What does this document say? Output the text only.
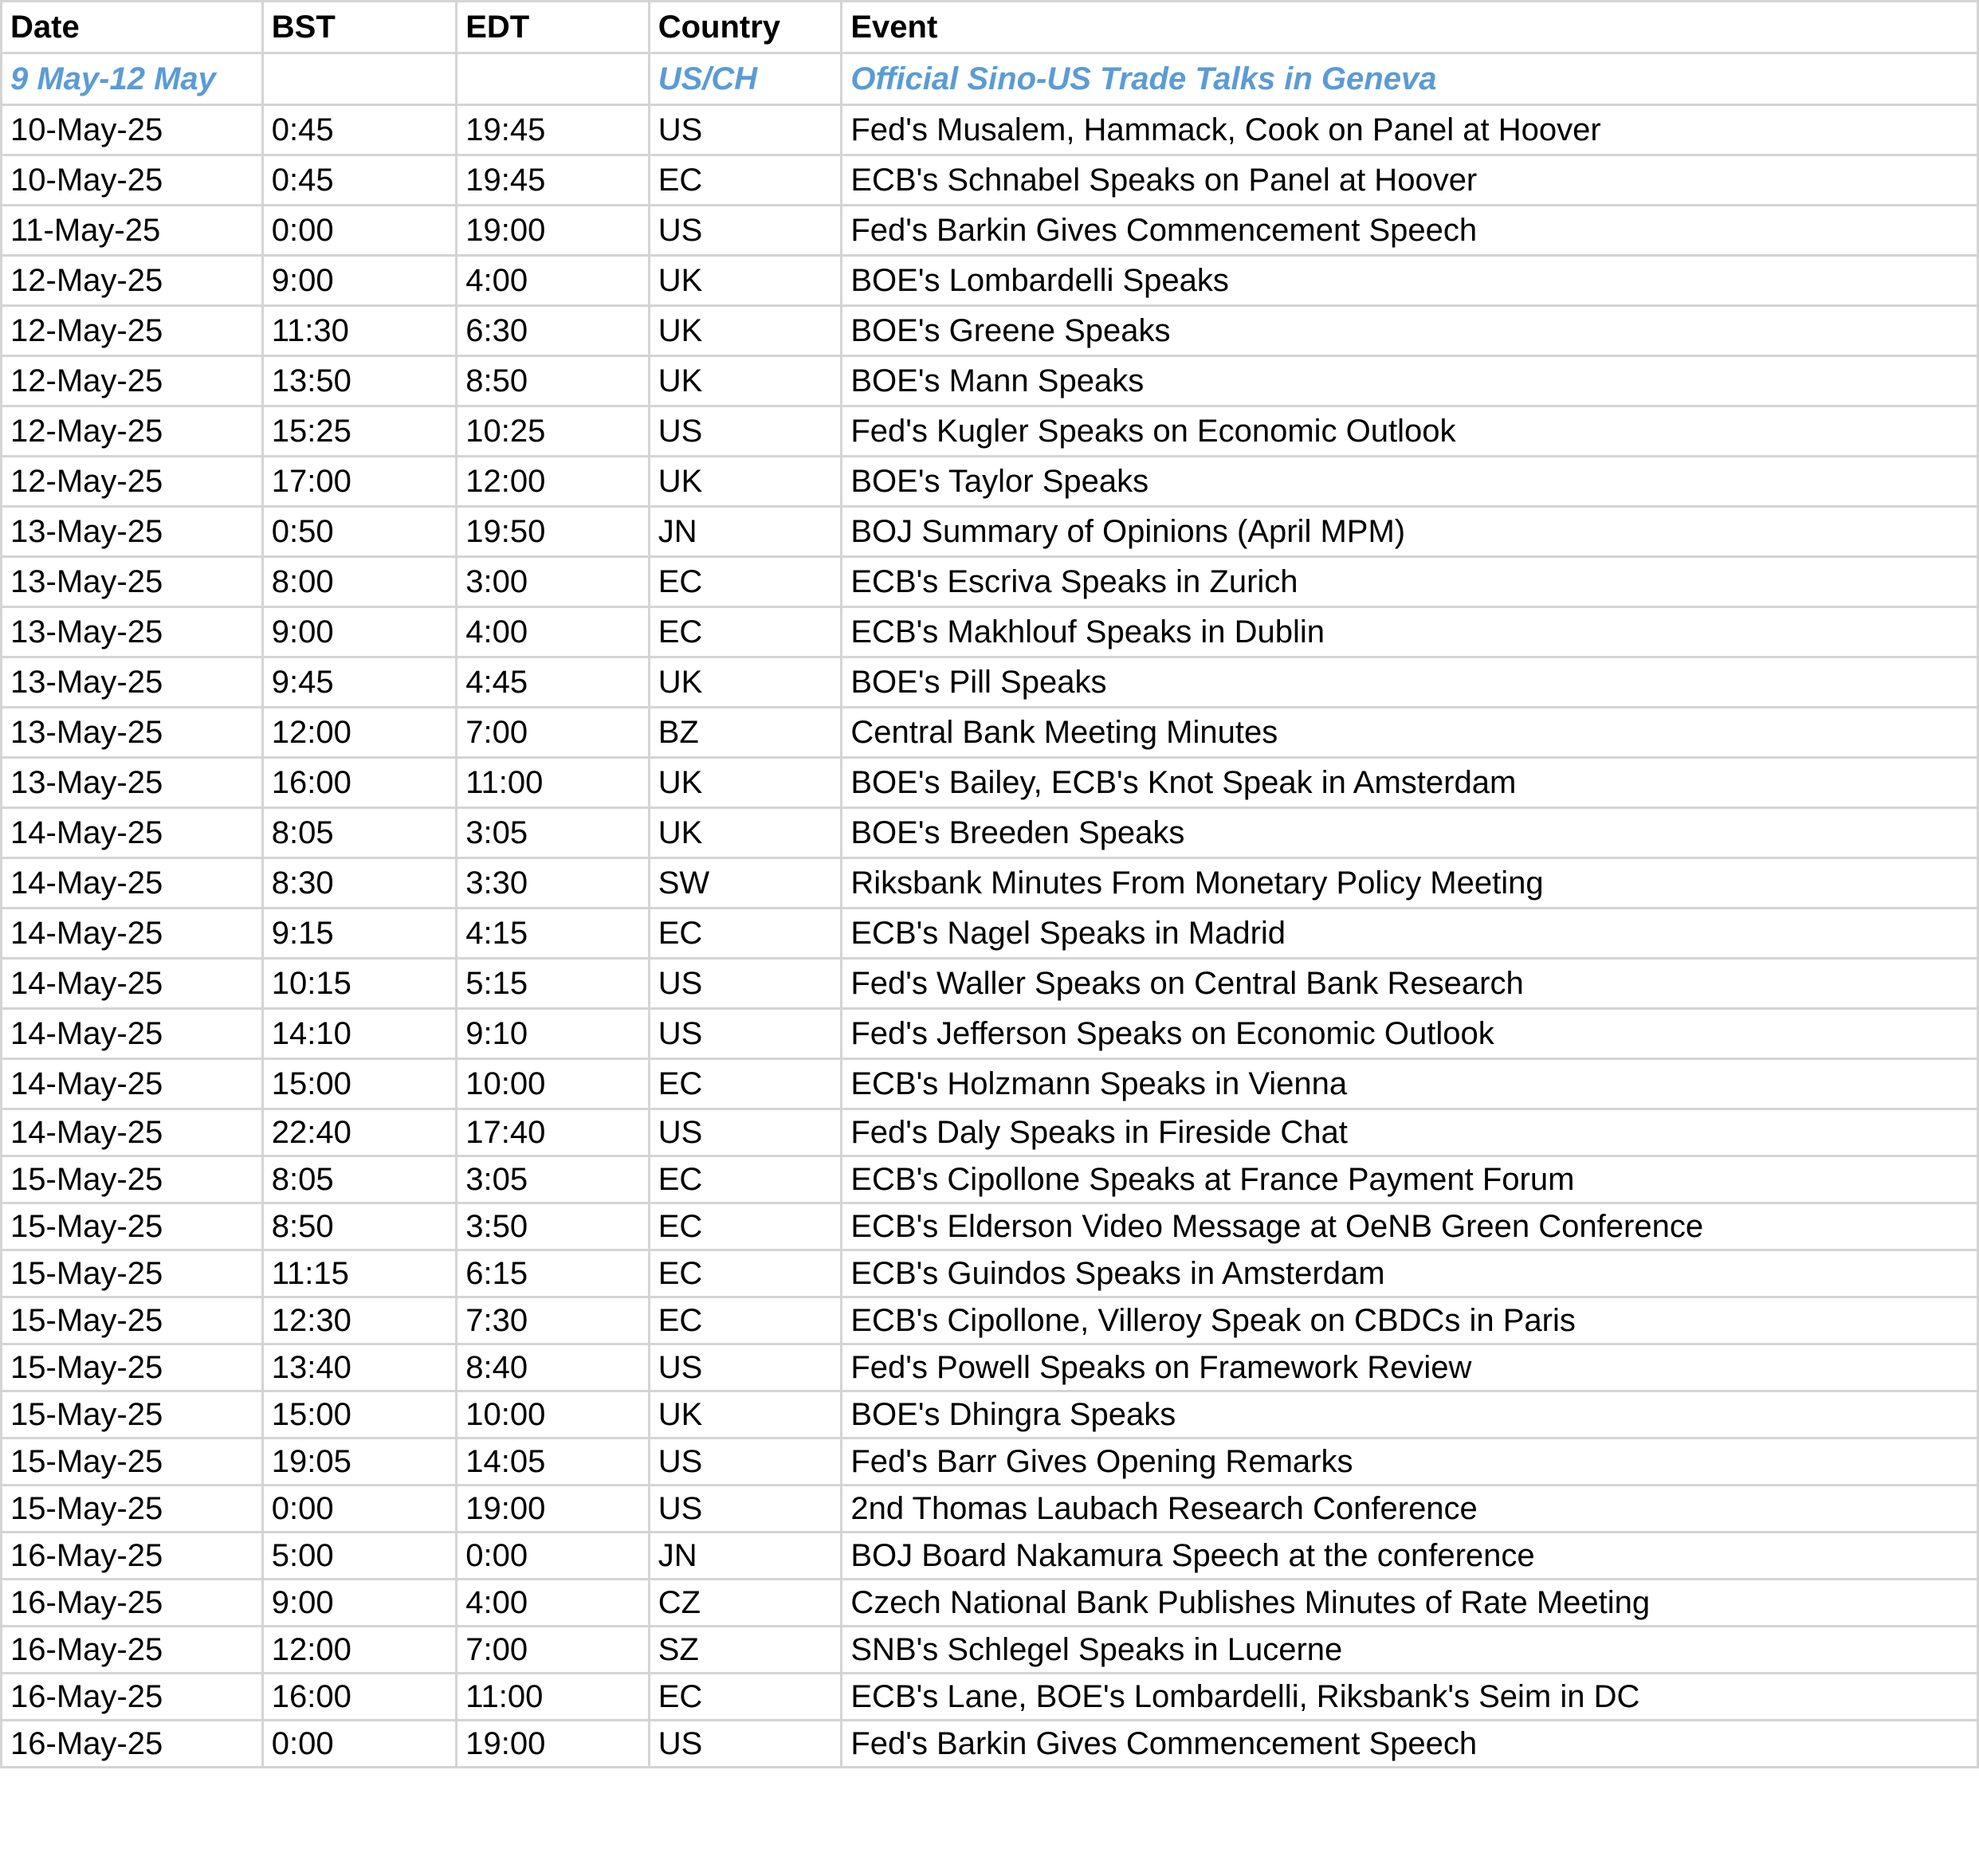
Date	BST	EDT	Country	Event
9 May-12 May			US/CH	Official Sino-US Trade Talks in Geneva
10-May-25	0:45	19:45	US	Fed's Musalem, Hammack, Cook on Panel at Hoover
10-May-25	0:45	19:45	EC	ECB's Schnabel Speaks on Panel at Hoover
11-May-25	0:00	19:00	US	Fed's Barkin Gives Commencement Speech
12-May-25	9:00	4:00	UK	BOE's Lombardelli Speaks
12-May-25	11:30	6:30	UK	BOE's Greene Speaks
12-May-25	13:50	8:50	UK	BOE's Mann Speaks
12-May-25	15:25	10:25	US	Fed's Kugler Speaks on Economic Outlook
12-May-25	17:00	12:00	UK	BOE's Taylor Speaks
13-May-25	0:50	19:50	JN	BOJ Summary of Opinions (April MPM)
13-May-25	8:00	3:00	EC	ECB's Escriva Speaks in Zurich
13-May-25	9:00	4:00	EC	ECB's Makhlouf Speaks in Dublin
13-May-25	9:45	4:45	UK	BOE's Pill Speaks
13-May-25	12:00	7:00	BZ	Central Bank Meeting Minutes
13-May-25	16:00	11:00	UK	BOE's Bailey, ECB's Knot Speak in Amsterdam
14-May-25	8:05	3:05	UK	BOE's Breeden Speaks
14-May-25	8:30	3:30	SW	Riksbank Minutes From Monetary Policy Meeting
14-May-25	9:15	4:15	EC	ECB's Nagel Speaks in Madrid
14-May-25	10:15	5:15	US	Fed's Waller Speaks on Central Bank Research
14-May-25	14:10	9:10	US	Fed's Jefferson Speaks on Economic Outlook
14-May-25	15:00	10:00	EC	ECB's Holzmann Speaks in Vienna
14-May-25	22:40	17:40	US	Fed's Daly Speaks in Fireside Chat
15-May-25	8:05	3:05	EC	ECB's Cipollone Speaks at France Payment Forum
15-May-25	8:50	3:50	EC	ECB's Elderson Video Message at OeNB Green Conference
15-May-25	11:15	6:15	EC	ECB's Guindos Speaks in Amsterdam
15-May-25	12:30	7:30	EC	ECB's Cipollone, Villeroy Speak on CBDCs in Paris
15-May-25	13:40	8:40	US	Fed's Powell Speaks on Framework Review
15-May-25	15:00	10:00	UK	BOE's Dhingra Speaks
15-May-25	19:05	14:05	US	Fed's Barr Gives Opening Remarks
15-May-25	0:00	19:00	US	2nd Thomas Laubach Research Conference
16-May-25	5:00	0:00	JN	BOJ Board Nakamura Speech at the conference
16-May-25	9:00	4:00	CZ	Czech National Bank Publishes Minutes of Rate Meeting
16-May-25	12:00	7:00	SZ	SNB's Schlegel Speaks in Lucerne
16-May-25	16:00	11:00	EC	ECB's Lane, BOE's Lombardelli, Riksbank's Seim in DC
16-May-25	0:00	19:00	US	Fed's Barkin Gives Commencement Speech
